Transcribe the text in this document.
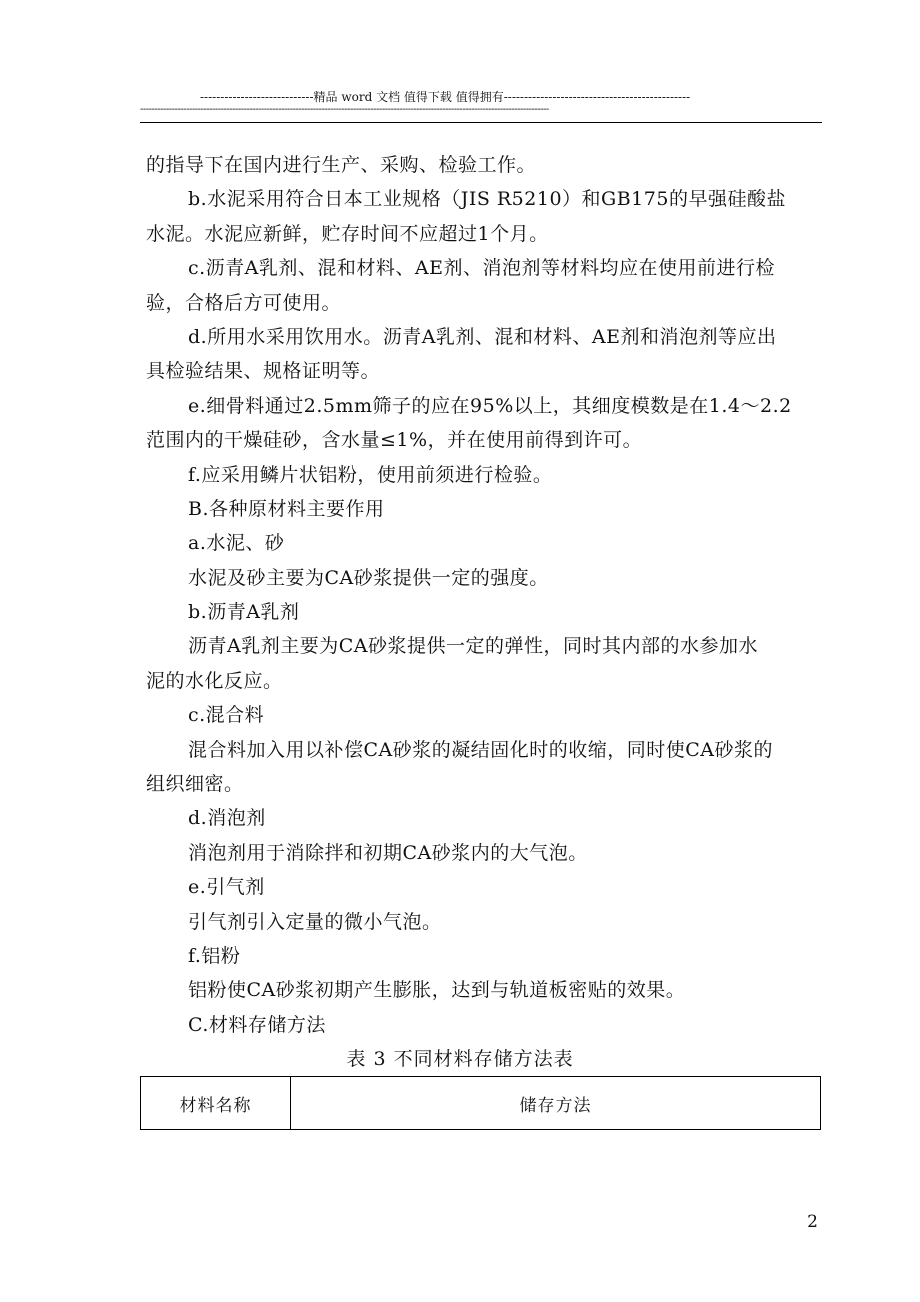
----------------------------精品 word 文档 值得下载 值得拥有----------------------------------------------
----------------------------------------------------------------------------------------------------------------------------------------------
的指导下在国内进行生产、采购、检验工作。
b.水泥采用符合日本工业规格（JIS R5210）和GB175的早强硅酸盐
水泥。水泥应新鲜，贮存时间不应超过1个月。
c.沥青A乳剂、混和材料、AE剂、消泡剂等材料均应在使用前进行检
验，合格后方可使用。
d.所用水采用饮用水。沥青A乳剂、混和材料、AE剂和消泡剂等应出
具检验结果、规格证明等。
e.细骨料通过2.5mm筛子的应在95%以上，其细度模数是在1.4～2.2
范围内的干燥硅砂，含水量≤1%，并在使用前得到许可。
f.应采用鳞片状铝粉，使用前须进行检验。
B.各种原材料主要作用
a.水泥、砂
水泥及砂主要为CA砂浆提供一定的强度。
b.沥青A乳剂
沥青A乳剂主要为CA砂浆提供一定的弹性，同时其内部的水参加水
泥的水化反应。
c.混合料
混合料加入用以补偿CA砂浆的凝结固化时的收缩，同时使CA砂浆的
组织细密。
d.消泡剂
消泡剂用于消除拌和初期CA砂浆内的大气泡。
e.引气剂
引气剂引入定量的微小气泡。
f.铝粉
铝粉使CA砂浆初期产生膨胀，达到与轨道板密贴的效果。
C.材料存储方法
表 3 不同材料存储方法表
材料名称	储存方法
2
